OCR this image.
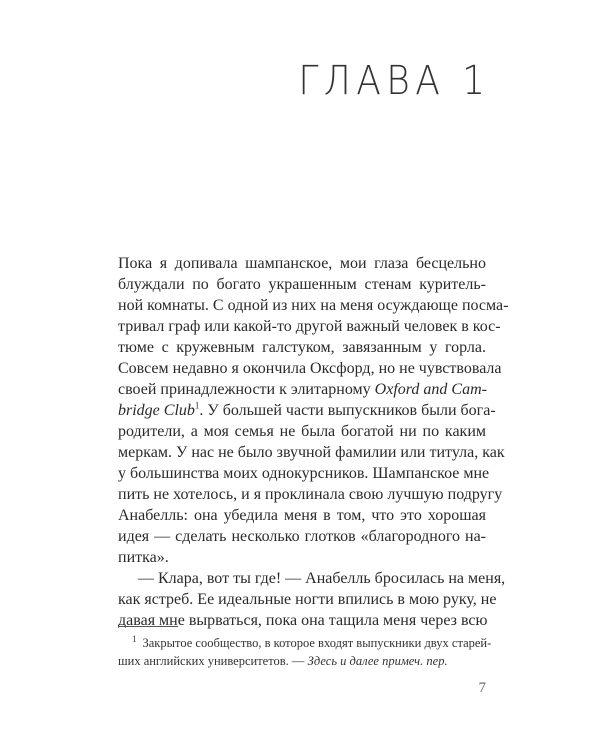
ГЛАВА 1
Пока я допивала шампанское, мои глаза бесцельно
блуждали по богато украшенным стенам куритель-
ной комнаты. С одной из них на меня осуждающе посма-
тривал граф или какой-то другой важный человек в кос-
тюме с кружевным галстуком, завязанным у горла.
Совсем недавно я окончила Оксфорд, но не чувствовала
своей принадлежности к элитарному Oxford and Cam-
bridge Club$^1$. У большей части выпускников были бога-
родители, а моя семья не была богатой ни по каким
меркам. У нас не было звучной фамилии или титула, как
у большинства моих однокурсников. Шампанское мне
пить не хотелось, и я проклинала свою лучшую подругу
Анабелль: она убедила меня в том, что это хорошая
идея — сделать несколько глотков «благородного на-
питка».
— Клара, вот ты где! — Анабелль бросилась на меня,
как ястреб. Ее идеальные ногти впились в мою руку, не
давая мне вырваться, пока она тащила меня через всю
$^1$ Закрытое сообщество, в которое входят выпускники двух старей-
ших английских университетов. — Здесь и далее примеч. пер.
7
